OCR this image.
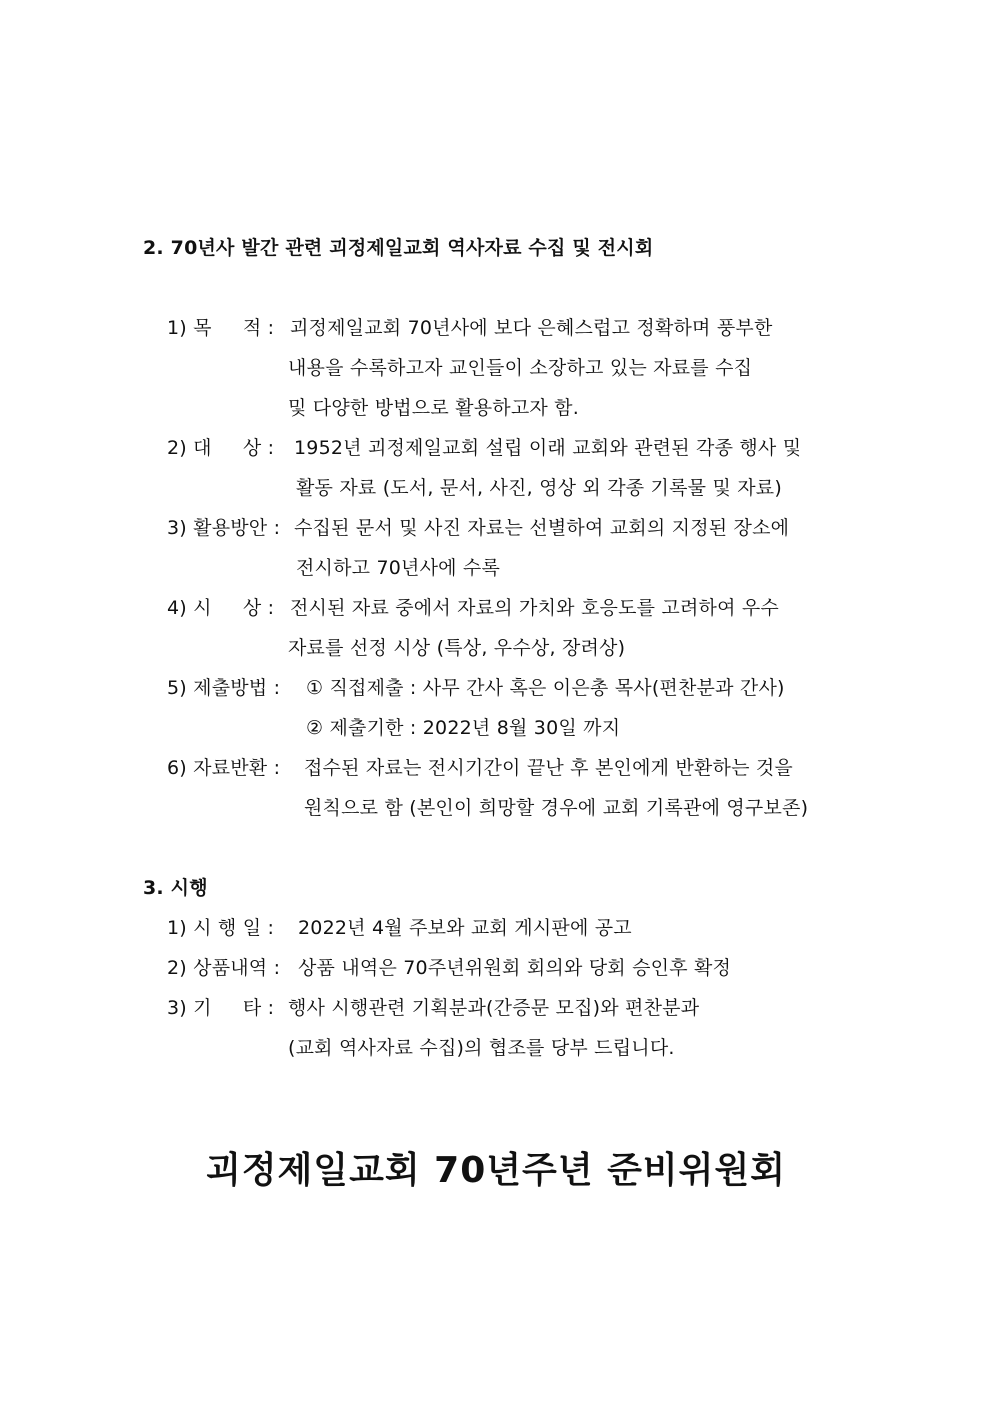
2. 70년사 발간 관련 괴정제일교회 역사자료 수집 및 전시회
1) 목     적 : 괴정제일교회 70년사에 보다 은혜스럽고 정확하며 풍부한
내용을 수록하고자 교인들이 소장하고 있는 자료를 수집
및 다양한 방법으로 활용하고자 함.
2) 대     상 : 1952년 괴정제일교회 설립 이래 교회와 관련된 각종 행사 및
활동 자료 (도서, 문서, 사진, 영상 외 각종 기록물 및 자료)
3) 활용방안 : 수집된 문서 및 사진 자료는 선별하여 교회의 지정된 장소에
전시하고 70년사에 수록
4) 시     상 : 전시된 자료 중에서 자료의 가치와 호응도를 고려하여 우수
자료를 선정 시상 (특상, 우수상, 장려상)
5) 제출방법 : ① 직접제출 : 사무 간사 혹은 이은총 목사(편찬분과 간사)
② 제출기한 : 2022년 8월 30일 까지
6) 자료반환 : 접수된 자료는 전시기간이 끝난 후 본인에게 반환하는 것을
원칙으로 함 (본인이 희망할 경우에 교회 기록관에 영구보존)
3. 시행
1) 시 행 일 : 2022년 4월 주보와 교회 게시판에 공고
2) 상품내역 : 상품 내역은 70주년위원회 회의와 당회 승인후 확정
3) 기     타 : 행사 시행관련 기획분과(간증문 모집)와 편찬분과
(교회 역사자료 수집)의 협조를 당부 드립니다.
괴정제일교회 70년주년 준비위원회
